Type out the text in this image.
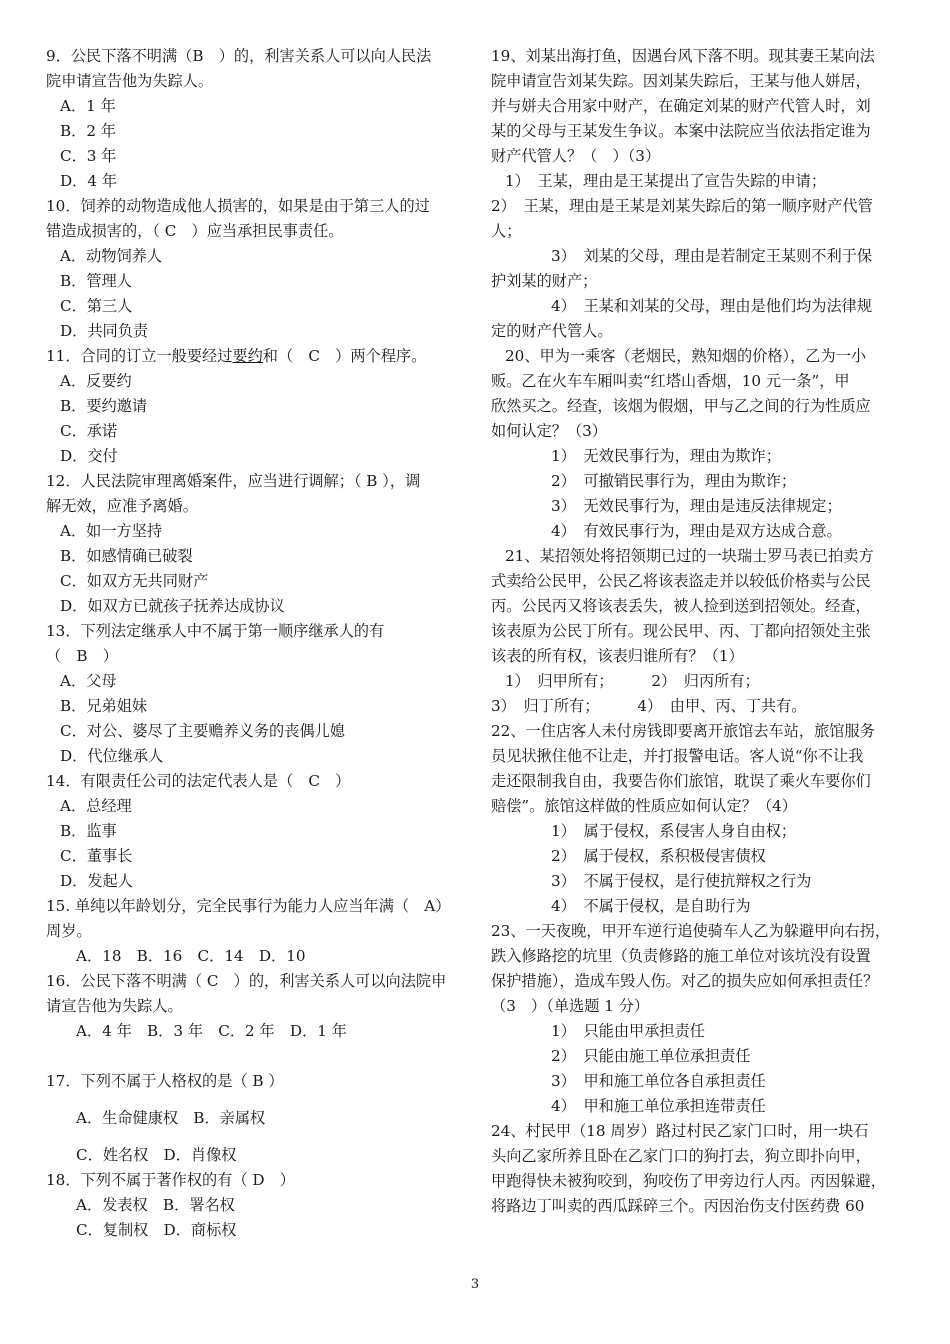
9．公民下落不明满（B　）的，利害关系人可以向人民法

院申请宣告他为失踪人。

A．1 年

B．2 年

C．3 年

D．4 年

10．饲养的动物造成他人损害的，如果是由于第三人的过

错造成损害的，（ C　）应当承担民事责任。

A．动物饲养人

B．管理人

C．第三人

D．共同负责

11．合同的订立一般要经过要约和（　C　）两个程序。

A．反要约

B．要约邀请

C．承诺

D．交付

12．人民法院审理离婚案件，应当进行调解；（ B ），调

解无效，应准予离婚。

A．如一方坚持

B．如感情确已破裂

C．如双方无共同财产

D．如双方已就孩子抚养达成协议

13．下列法定继承人中不属于第一顺序继承人的有

（　B　）

A．父母

B．兄弟姐妹

C．对公、婆尽了主要赡养义务的丧偶儿媳

D．代位继承人

14．有限责任公司的法定代表人是（　C　）

A．总经理

B．监事

C．董事长

D．发起人

15. 单纯以年龄划分，完全民事行为能力人应当年满（　A）

周岁。

A．18　B．16　C．14　D．10

16．公民下落不明满（ C　）的，利害关系人可以向法院申

请宣告他为失踪人。

A．4 年　B．3 年　C．2 年　D．1 年

17．下列不属于人格权的是（ B ）

A．生命健康权　B．亲属权

C．姓名权　D．肖像权

18．下列不属于著作权的有（ D　）

A．发表权　B．署名权

C．复制权　D．商标权

19、刘某出海打鱼，因遇台风下落不明。现其妻王某向法

院申请宣告刘某失踪。因刘某失踪后，王某与他人姘居，

并与姘夫合用家中财产，在确定刘某的财产代管人时，刘

某的父母与王某发生争议。本案中法院应当依法指定谁为

财产代管人？（　）（3）

1）　王某，理由是王某提出了宣告失踪的申请；

2）　王某，理由是王某是刘某失踪后的第一顺序财产代管

人；

3）　刘某的父母，理由是若制定王某则不利于保

护刘某的财产；

4）　王某和刘某的父母，理由是他们均为法律规

定的财产代管人。

20、甲为一乘客（老烟民，熟知烟的价格），乙为一小

贩。乙在火车车厢叫卖“红塔山香烟，10 元一条”，甲

欣然买之。经查，该烟为假烟，甲与乙之间的行为性质应

如何认定？（3）

1）　无效民事行为，理由为欺诈；

2）　可撤销民事行为，理由为欺诈；

3）　无效民事行为，理由是违反法律规定；

4）　有效民事行为，理由是双方达成合意。

21、某招领处将招领期已过的一块瑞士罗马表已拍卖方

式卖给公民甲，公民乙将该表盗走并以较低价格卖与公民

丙。公民丙又将该表丢失，被人捡到送到招领处。经查，

该表原为公民丁所有。现公民甲、丙、丁都向招领处主张

该表的所有权，该表归谁所有？（1）

1）　归甲所有；　　　2）　归丙所有；

3）　归丁所有；　　　4）　由甲、丙、丁共有。

22、一住店客人未付房钱即要离开旅馆去车站，旅馆服务

员见状揪住他不让走，并打报警电话。客人说“你不让我

走还限制我自由，我要告你们旅馆，耽误了乘火车要你们

赔偿”。旅馆这样做的性质应如何认定？（4）

1）　属于侵权，系侵害人身自由权；

2）　属于侵权，系积极侵害债权

3）　不属于侵权，是行使抗辩权之行为

4）　不属于侵权，是自助行为

23、一天夜晚，甲开车逆行追使骑车人乙为躲避甲向右拐，

跌入修路挖的坑里（负责修路的施工单位对该坑没有设置

保护措施），造成车毁人伤。对乙的损失应如何承担责任？

（3　）（单选题 1 分）

1）　只能由甲承担责任

2）　只能由施工单位承担责任

3）　甲和施工单位各自承担责任

4）　甲和施工单位承担连带责任

24、村民甲（18 周岁）路过村民乙家门口时，用一块石

头向乙家所养且卧在乙家门口的狗打去，狗立即扑向甲，

甲跑得快未被狗咬到，狗咬伤了甲旁边行人丙。丙因躲避，

将路边丁叫卖的西瓜踩碎三个。丙因治伤支付医药费 60

3
